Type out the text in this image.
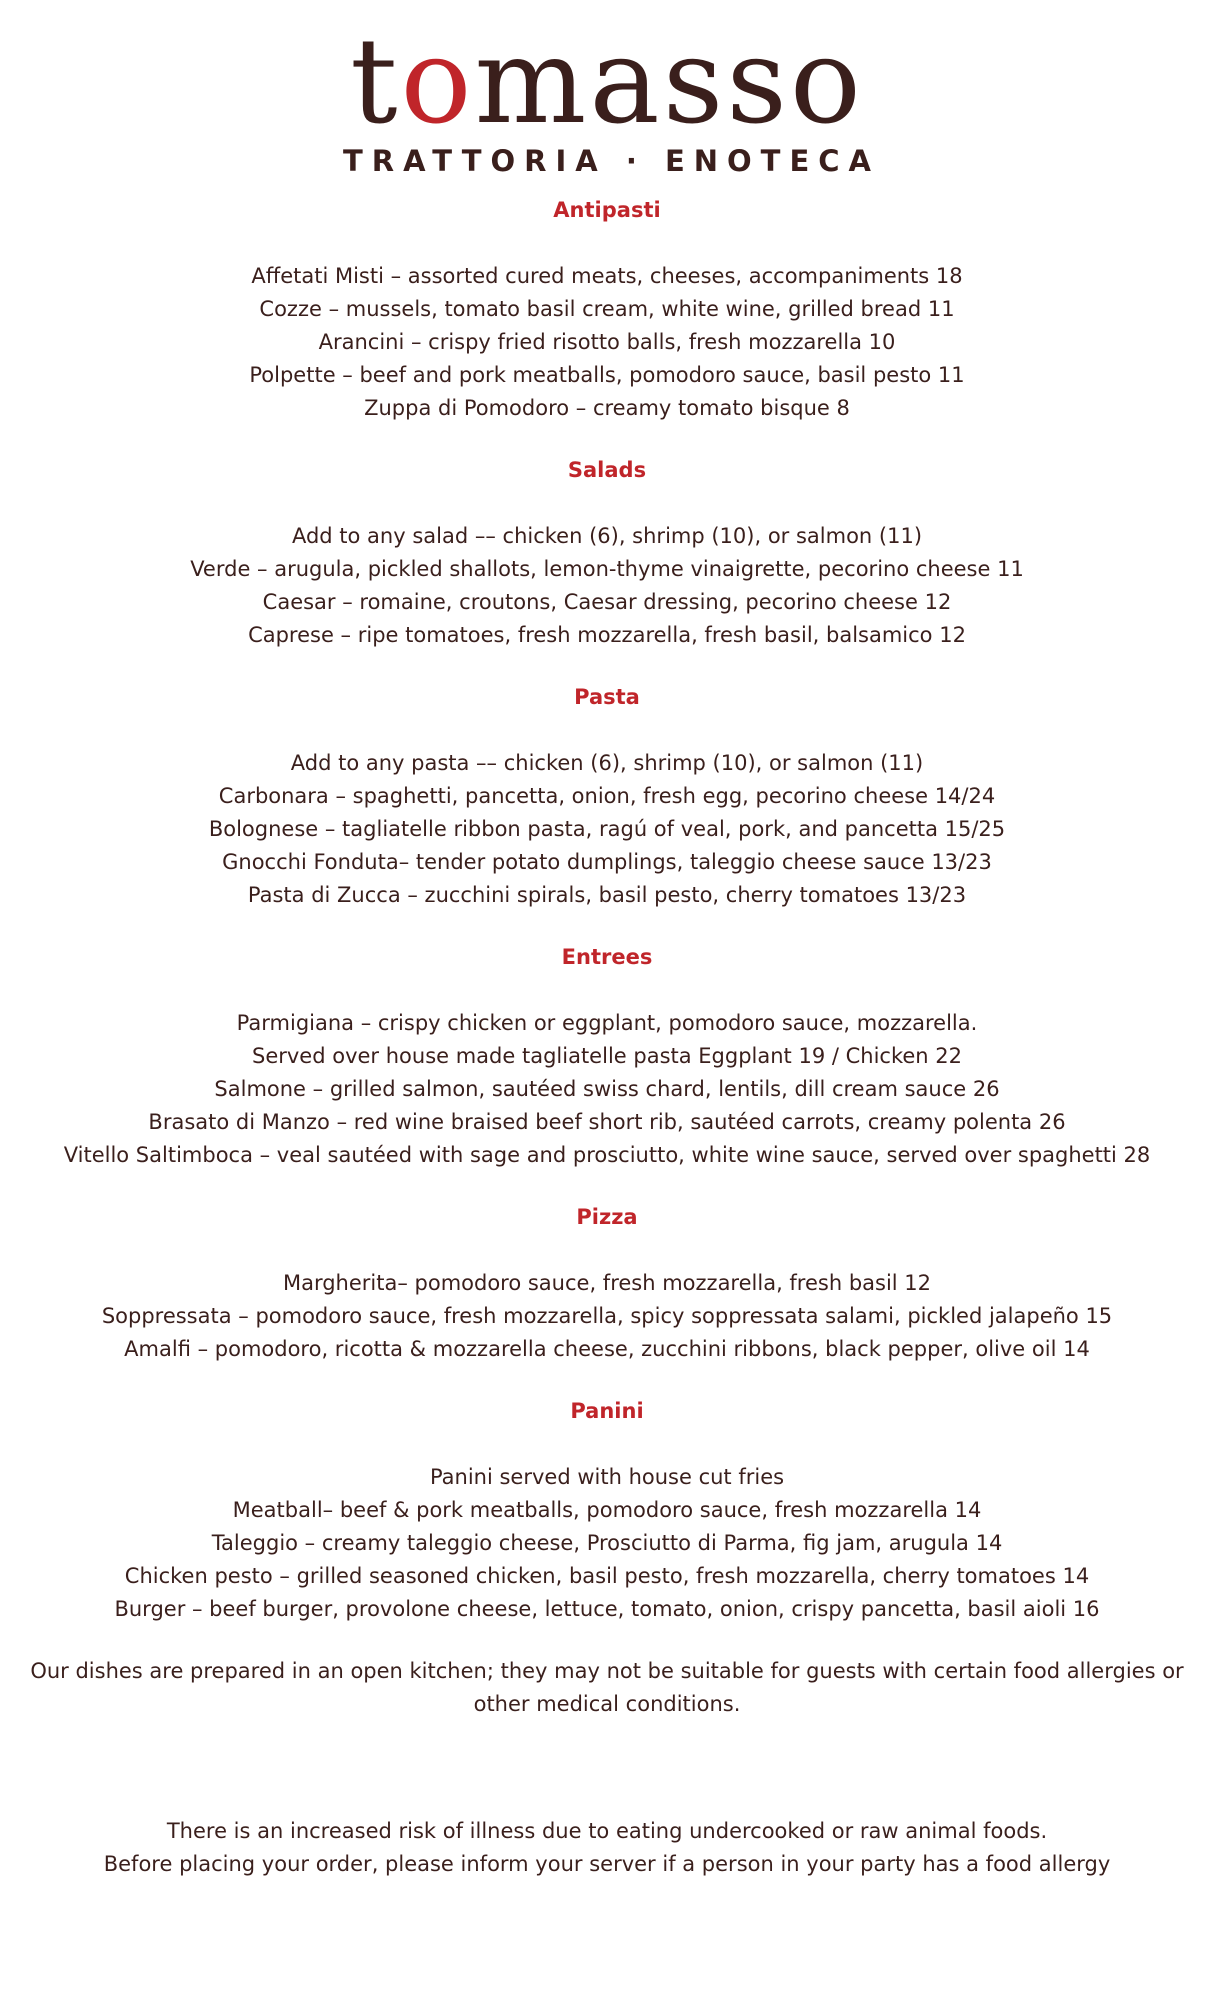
tomasso
TRATTORIA · ENOTECA
Antipasti
Affetati Misti – assorted cured meats, cheeses, accompaniments 18
Cozze – mussels, tomato basil cream, white wine, grilled bread 11
Arancini – crispy fried risotto balls, fresh mozzarella 10
Polpette – beef and pork meatballs, pomodoro sauce, basil pesto 11
Zuppa di Pomodoro – creamy tomato bisque 8
Salads
Add to any salad –– chicken (6), shrimp (10), or salmon (11)
Verde – arugula, pickled shallots, lemon-thyme vinaigrette, pecorino cheese 11
Caesar – romaine, croutons, Caesar dressing, pecorino cheese 12
Caprese – ripe tomatoes, fresh mozzarella, fresh basil, balsamico 12
Pasta
Add to any pasta –– chicken (6), shrimp (10), or salmon (11)
Carbonara – spaghetti, pancetta, onion, fresh egg, pecorino cheese 14/24
Bolognese – tagliatelle ribbon pasta, ragú of veal, pork, and pancetta 15/25
Gnocchi Fonduta– tender potato dumplings, taleggio cheese sauce 13/23
Pasta di Zucca – zucchini spirals, basil pesto, cherry tomatoes 13/23
Entrees
Parmigiana – crispy chicken or eggplant, pomodoro sauce, mozzarella.
Served over house made tagliatelle pasta Eggplant 19 / Chicken 22
Salmone – grilled salmon, sautéed swiss chard, lentils, dill cream sauce 26
Brasato di Manzo – red wine braised beef short rib, sautéed carrots, creamy polenta 26
Vitello Saltimboca – veal sautéed with sage and prosciutto, white wine sauce, served over spaghetti 28
Pizza
Margherita– pomodoro sauce, fresh mozzarella, fresh basil 12
Soppressata – pomodoro sauce, fresh mozzarella, spicy soppressata salami, pickled jalapeño 15
Amalfi – pomodoro, ricotta & mozzarella cheese, zucchini ribbons, black pepper, olive oil 14
Panini
Panini served with house cut fries
Meatball– beef & pork meatballs, pomodoro sauce, fresh mozzarella 14
Taleggio – creamy taleggio cheese, Prosciutto di Parma, fig jam, arugula 14
Chicken pesto – grilled seasoned chicken, basil pesto, fresh mozzarella, cherry tomatoes 14
Burger – beef burger, provolone cheese, lettuce, tomato, onion, crispy pancetta, basil aioli 16
Our dishes are prepared in an open kitchen; they may not be suitable for guests with certain food allergies or other medical conditions.
There is an increased risk of illness due to eating undercooked or raw animal foods.
Before placing your order, please inform your server if a person in your party has a food allergy
